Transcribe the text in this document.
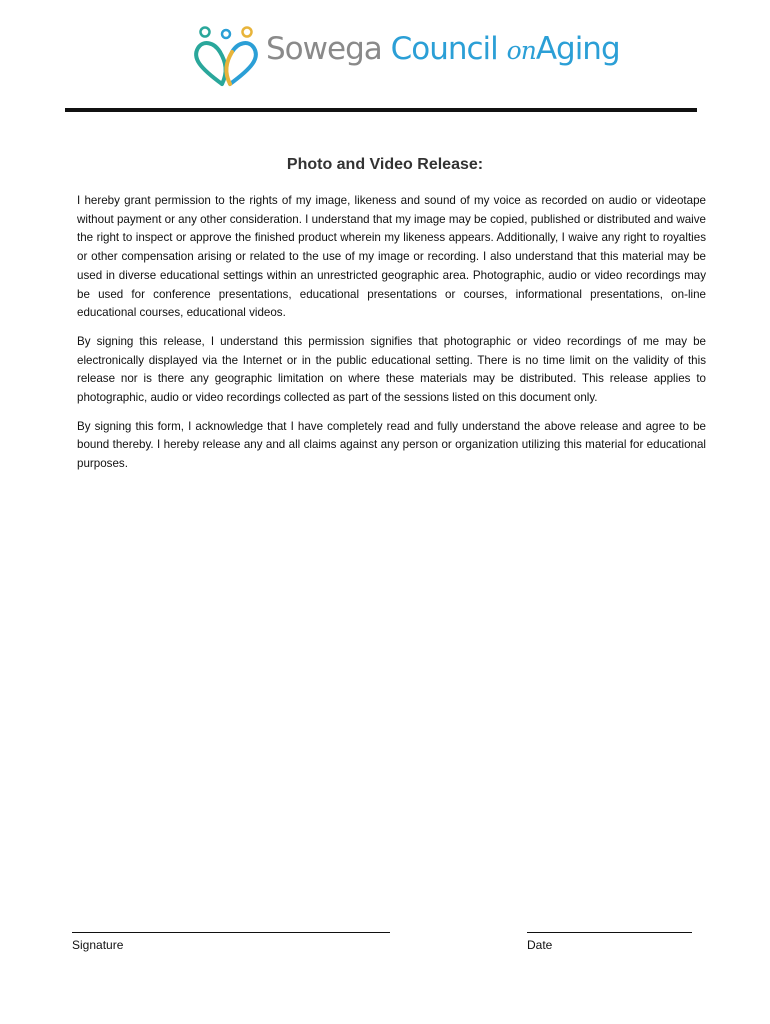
Sowega Council onAging
Photo and Video Release:

I hereby grant permission to the rights of my image, likeness and sound of my voice as recorded on audio or videotape without payment or any other consideration. I understand that my image may be copied, published or distributed and waive the right to inspect or approve the finished product wherein my likeness appears. Additionally, I waive any right to royalties or other compensation arising or related to the use of my image or recording. I also understand that this material may be used in diverse educational settings within an unrestricted geographic area. Photographic, audio or video recordings may be used for conference presentations, educational presentations or courses, informational presentations, on-line educational courses, educational videos.

By signing this release, I understand this permission signifies that photographic or video recordings of me may be electronically displayed via the Internet or in the public educational setting. There is no time limit on the validity of this release nor is there any geographic limitation on where these materials may be distributed. This release applies to photographic, audio or video recordings collected as part of the sessions listed on this document only.

By signing this form, I acknowledge that I have completely read and fully understand the above release and agree to be bound thereby. I hereby release any and all claims against any person or organization utilizing this material for educational purposes.

Signature	Date
